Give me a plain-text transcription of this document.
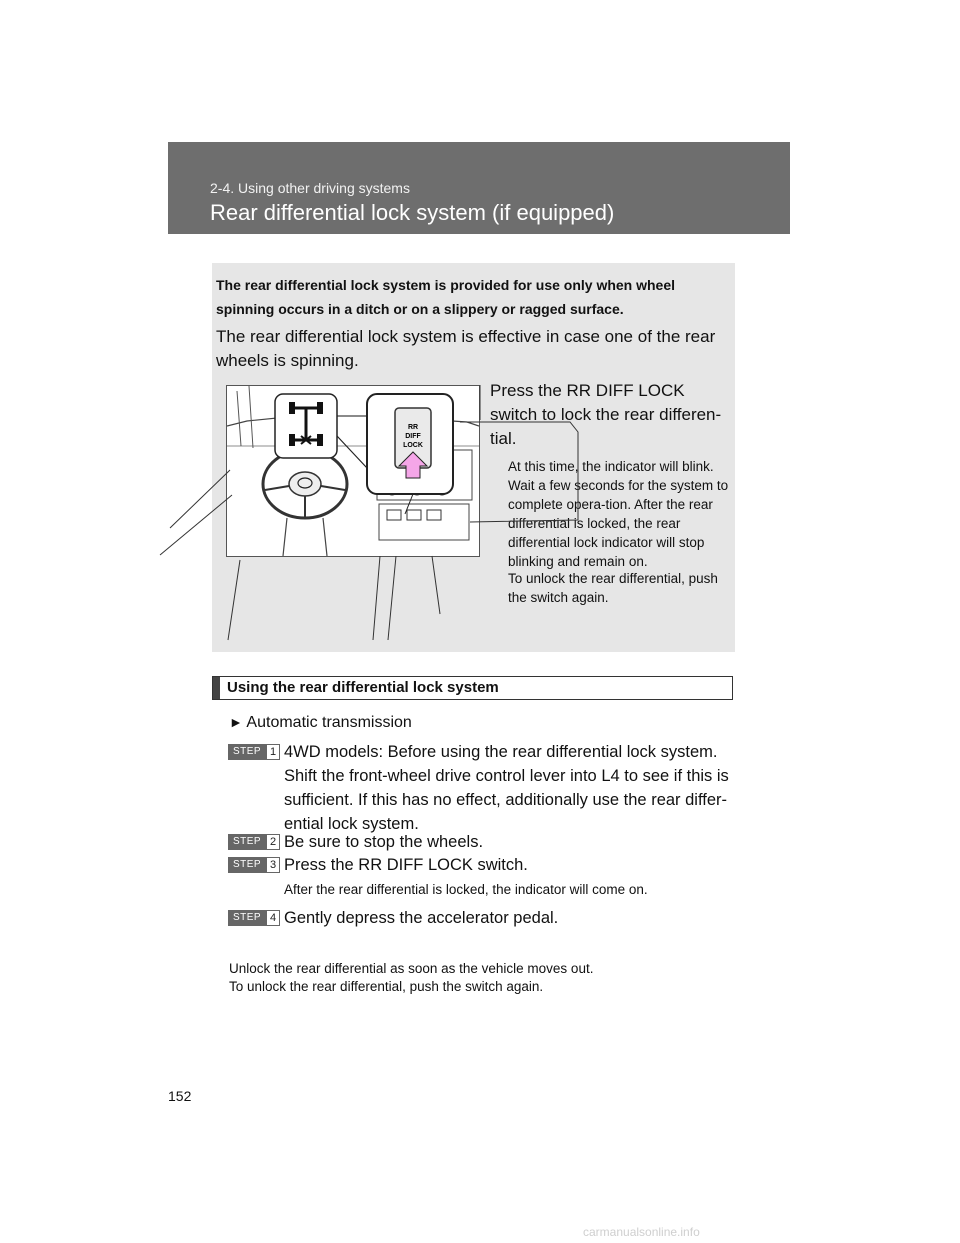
2-4. Using other driving systems
Rear differential lock system (if equipped)
The rear differential lock system is provided for use only when wheel spinning occurs in a ditch or on a slippery or ragged surface.
The rear differential lock system is effective in case one of the rear wheels is spinning.
RR
DIFF
LOCK
STY24AC018
Press the RR DIFF LOCK switch to lock the rear differen-tial.
At this time, the indicator will blink. Wait a few seconds for the system to complete opera-tion. After the rear differential is locked, the rear differential lock indicator will stop blinking and remain on.
To unlock the rear differential, push the switch again.
Using the rear differential lock system
► Automatic transmission
STEP 1 4WD models: Before using the rear differential lock system. Shift the front-wheel drive control lever into L4 to see if this is sufficient. If this has no effect, additionally use the rear differ-ential lock system.
STEP 2 Be sure to stop the wheels.
STEP 3 Press the RR DIFF LOCK switch.
After the rear differential is locked, the indicator will come on.
STEP 4 Gently depress the accelerator pedal.
Unlock the rear differential as soon as the vehicle moves out.
To unlock the rear differential, push the switch again.
152
carmanualsonline.info
